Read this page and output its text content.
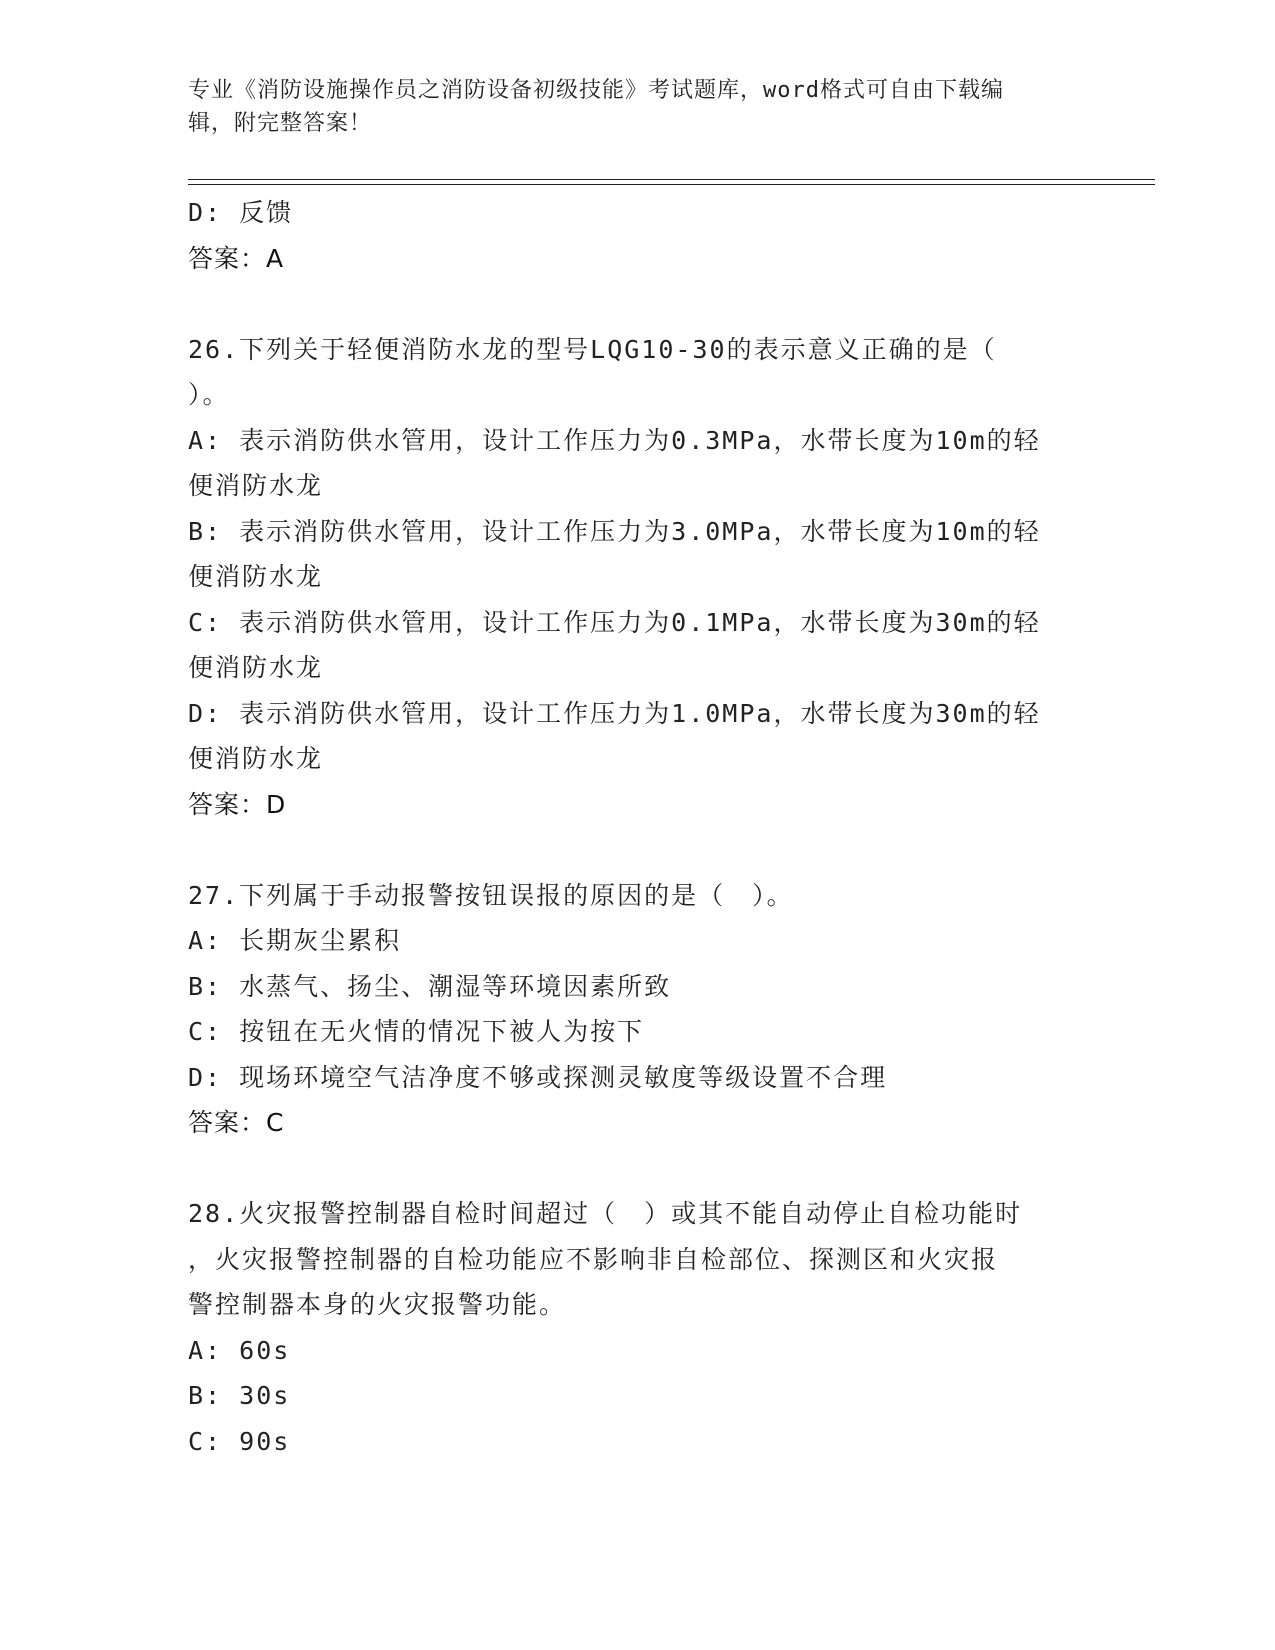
专业《消防设施操作员之消防设备初级技能》考试题库，word格式可自由下载编
辑，附完整答案！
D: 反馈
答案：A
26.下列关于轻便消防水龙的型号LQG10-30的表示意义正确的是（
）。
A: 表示消防供水管用，设计工作压力为0.3MPa，水带长度为10m的轻
便消防水龙
B: 表示消防供水管用，设计工作压力为3.0MPa，水带长度为10m的轻
便消防水龙
C: 表示消防供水管用，设计工作压力为0.1MPa，水带长度为30m的轻
便消防水龙
D: 表示消防供水管用，设计工作压力为1.0MPa，水带长度为30m的轻
便消防水龙
答案：D
27.下列属于手动报警按钮误报的原因的是（　）。
A: 长期灰尘累积
B: 水蒸气、扬尘、潮湿等环境因素所致
C: 按钮在无火情的情况下被人为按下
D: 现场环境空气洁净度不够或探测灵敏度等级设置不合理
答案：C
28.火灾报警控制器自检时间超过（　）或其不能自动停止自检功能时
，火灾报警控制器的自检功能应不影响非自检部位、探测区和火灾报
警控制器本身的火灾报警功能。
A: 60s
B: 30s
C: 90s
